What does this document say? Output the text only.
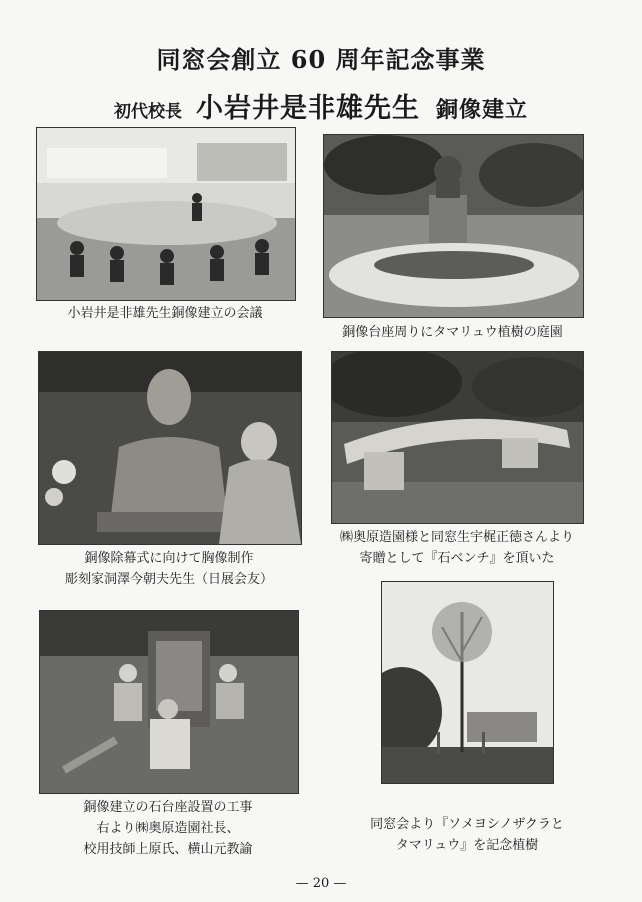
同窓会創立 60 周年記念事業
初代校長 小岩井是非雄先生 銅像建立
小岩井是非雄先生銅像建立の会議
銅像台座周りにタマリュウ植樹の庭園
銅像除幕式に向けて胸像制作
彫刻家洞澤今朝夫先生（日展会友）
㈱奥原造園様と同窓生宇梶正徳さんより
寄贈として『石ベンチ』を頂いた
銅像建立の石台座設置の工事
右より㈱奥原造園社長、
校用技師上原氏、横山元教諭
同窓会より『ソメヨシノザクラと
タマリュウ』を記念植樹
— 20 —
